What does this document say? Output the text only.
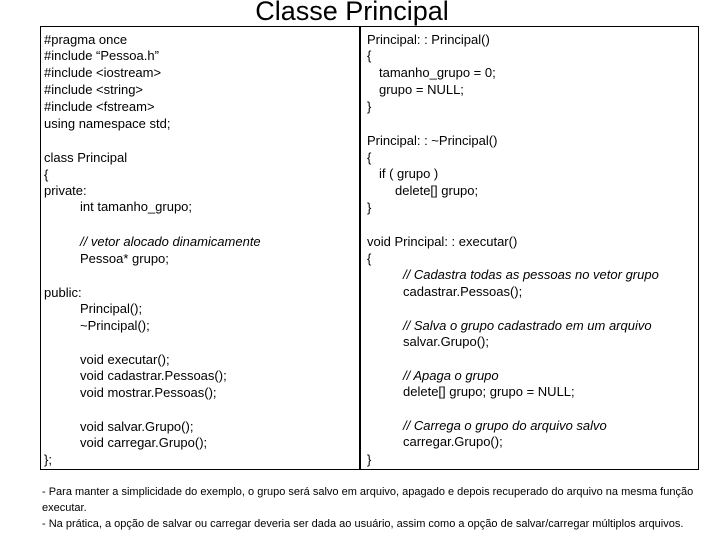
Classe Principal
#pragma once
#include “Pessoa.h”
#include <iostream>
#include <string>
#include <fstream>
using namespace std;
class Principal
{
private:
int tamanho_grupo;
// vetor alocado dinamicamente
Pessoa* grupo;
public:
Principal();
~Principal();
void executar();
void cadastrar.Pessoas();
void mostrar.Pessoas();
void salvar.Grupo();
void carregar.Grupo();
};
Principal: : Principal()
{
tamanho_grupo = 0;
grupo = NULL;
}
Principal: : ~Principal()
{
if ( grupo )
delete[] grupo;
}
void Principal: : executar()
{
// Cadastra todas as pessoas no vetor grupo
cadastrar.Pessoas();
// Salva o grupo cadastrado em um arquivo
salvar.Grupo();
// Apaga o grupo
delete[] grupo; grupo = NULL;
// Carrega o grupo do arquivo salvo
carregar.Grupo();
}
- Para manter a simplicidade do exemplo, o grupo será salvo em arquivo, apagado e depois recuperado do arquivo na mesma função executar.
- Na prática, a opção de salvar ou carregar deveria ser dada ao usuário, assim como a opção de salvar/carregar múltiplos arquivos.
